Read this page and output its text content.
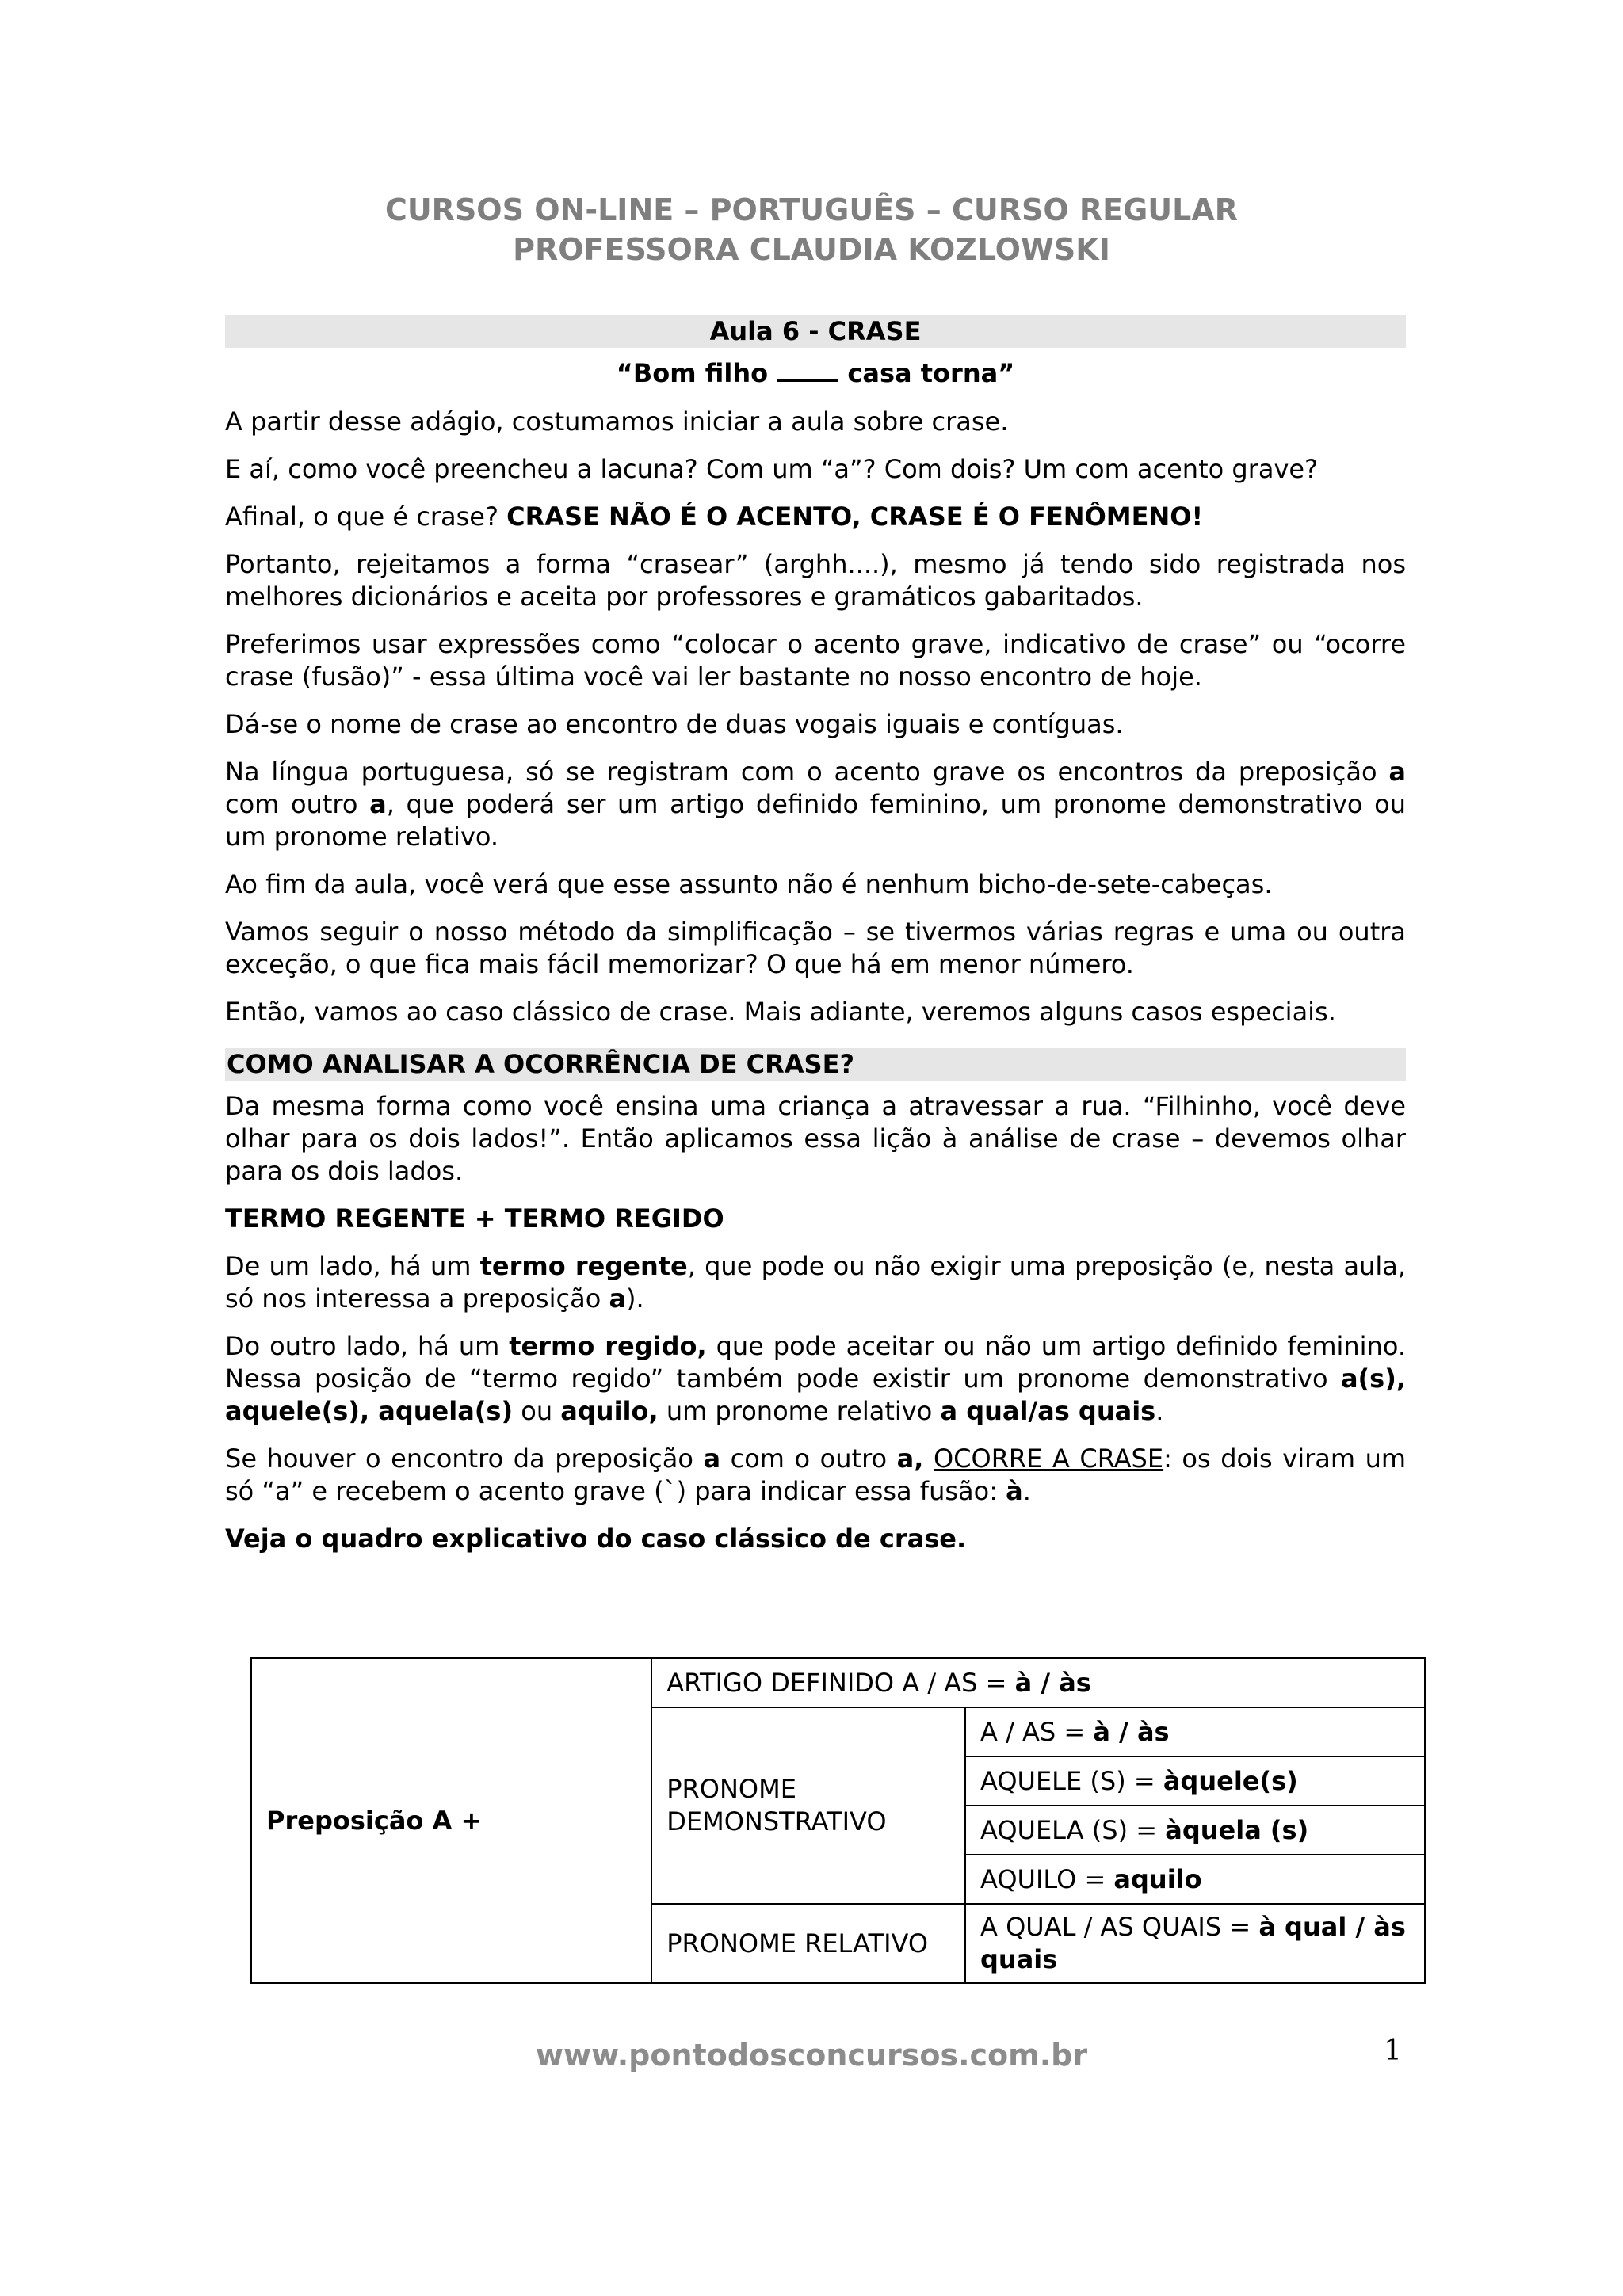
CURSOS ON-LINE – PORTUGUÊS – CURSO REGULAR
PROFESSORA CLAUDIA KOZLOWSKI
Aula 6 - CRASE
“Bom filho	casa torna”

A partir desse adágio, costumamos iniciar a aula sobre crase.

E aí, como você preencheu a lacuna? Com um “a”? Com dois? Um com acento grave?

Afinal, o que é crase? CRASE NÃO É O ACENTO, CRASE É O FENÔMENO!

Portanto, rejeitamos a forma “crasear” (arghh....), mesmo já tendo sido registrada nos melhores dicionários e aceita por professores e gramáticos gabaritados.

Preferimos usar expressões como “colocar o acento grave, indicativo de crase” ou “ocorre crase (fusão)” - essa última você vai ler bastante no nosso encontro de hoje.

Dá-se o nome de crase ao encontro de duas vogais iguais e contíguas.

Na língua portuguesa, só se registram com o acento grave os encontros da preposição a com outro a, que poderá ser um artigo definido feminino, um pronome demonstrativo ou um pronome relativo.

Ao fim da aula, você verá que esse assunto não é nenhum bicho-de-sete-cabeças.

Vamos seguir o nosso método da simplificação – se tivermos várias regras e uma ou outra exceção, o que fica mais fácil memorizar? O que há em menor número.

Então, vamos ao caso clássico de crase. Mais adiante, veremos alguns casos especiais.

COMO ANALISAR A OCORRÊNCIA DE CRASE?

Da mesma forma como você ensina uma criança a atravessar a rua. “Filhinho, você deve olhar para os dois lados!”. Então aplicamos essa lição à análise de crase – devemos olhar para os dois lados.

TERMO REGENTE + TERMO REGIDO

De um lado, há um termo regente, que pode ou não exigir uma preposição (e, nesta aula, só nos interessa a preposição a).

Do outro lado, há um termo regido, que pode aceitar ou não um artigo definido feminino. Nessa posição de “termo regido” também pode existir um pronome demonstrativo a(s), aquele(s), aquela(s) ou aquilo, um pronome relativo a qual/as quais.

Se houver o encontro da preposição a com o outro a, OCORRE A CRASE: os dois viram um só “a” e recebem o acento grave (`) para indicar essa fusão: à.

Veja o quadro explicativo do caso clássico de crase.

Preposição A +	ARTIGO DEFINIDO A / AS = à / às	
	PRONOME DEMONSTRATIVO	A / AS = à / às
		AQUELE (S) = àquele(s)
		AQUELA (S) = àquela (s)
		AQUILO = aquilo
	PRONOME RELATIVO	A QUAL / AS QUAIS = à qual / às quais
www.pontodosconcursos.com.br	1
